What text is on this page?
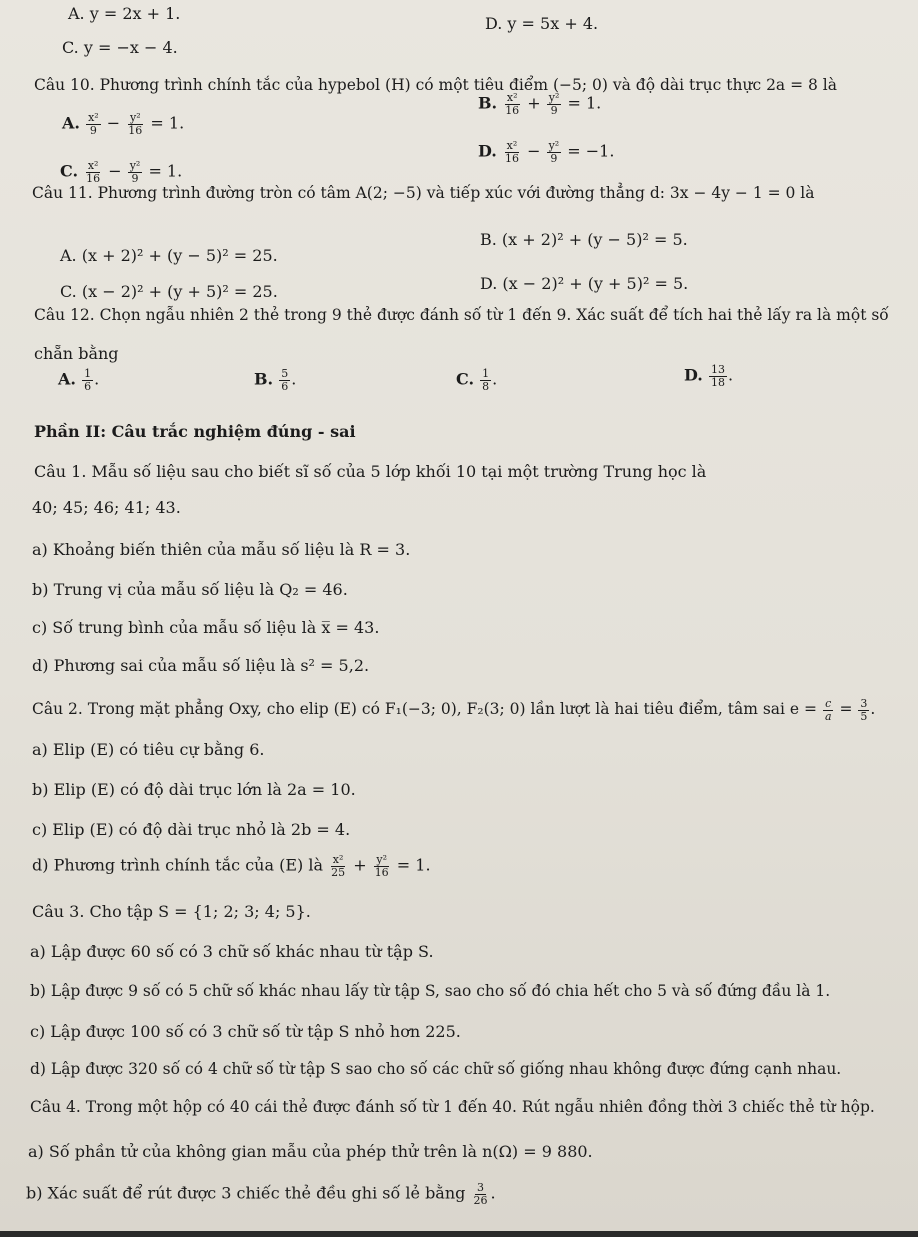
A. y = 2x + 1.
D. y = 5x + 4.
C. y = −x − 4.
Câu 10. Phương trình chính tắc của hypebol (H) có một tiêu điểm (−5; 0) và độ dài trục thực 2a = 8 là
A. $\frac{\text{x²}}{9} - \frac{\text{y²}}{16} = 1$.
B. $\frac{\text{x²}}{16} + \frac{\text{y²}}{9} = 1$.
C. $\frac{\text{x²}}{16} - \frac{\text{y²}}{9} = 1$.
D. $\frac{\text{x²}}{16} - \frac{\text{y²}}{9} = -1$.
Câu 11. Phương trình đường tròn có tâm A(2; −5) và tiếp xúc với đường thẳng d: 3x − 4y − 1 = 0 là
A. (x + 2)² + (y − 5)² = 25.
B. (x + 2)² + (y − 5)² = 5.
C. (x − 2)² + (y + 5)² = 25.	D. (x − 2)² + (y + 5)² = 5.
Câu 12. Chọn ngẫu nhiên 2 thẻ trong 9 thẻ được đánh số từ 1 đến 9. Xác suất để tích hai thẻ lấy ra là một số
chẵn bằng
A. $\frac{1}{6}$ .	B. $\frac{5}{6}$ .	C. $\frac{1}{8}$ .	D. $\frac{13}{18}$ .
Phần II: Câu trắc nghiệm đúng - sai
Câu 1. Mẫu số liệu sau cho biết sĩ số của 5 lớp khối 10 tại một trường Trung học là
40; 45; 46; 41; 43.
a) Khoảng biến thiên của mẫu số liệu là R = 3.
b) Trung vị của mẫu số liệu là Q₂ = 46.
c) Số trung bình của mẫu số liệu là x̅ = 43.
d) Phương sai của mẫu số liệu là s² = 5,2.
Câu 2. Trong mặt phẳng Oxy, cho elip (E) có F₁(−3; 0), F₂(3; 0) lần lượt là hai tiêu điểm, tâm sai $e = \frac{c}{a} = \frac{3}{5}$ .
a) Elip (E) có tiêu cự bằng 6.
b) Elip (E) có độ dài trục lớn là 2a = 10.
c) Elip (E) có độ dài trục nhỏ là 2b = 4.
d) Phương trình chính tắc của (E) là $\frac{\text{x²}}{25} + \frac{\text{y²}}{16} = 1$.
Câu 3. Cho tập S = {1; 2; 3; 4; 5}.
a) Lập được 60 số có 3 chữ số khác nhau từ tập S.
b) Lập được 9 số có 5 chữ số khác nhau lấy từ tập S, sao cho số đó chia hết cho 5 và số đứng đầu là 1.
c) Lập được 100 số có 3 chữ số từ tập S nhỏ hơn 225.
d) Lập được 320 số có 4 chữ số từ tập S sao cho số các chữ số giống nhau không được đứng cạnh nhau.
Câu 4. Trong một hộp có 40 cái thẻ được đánh số từ 1 đến 40. Rút ngẫu nhiên đồng thời 3 chiếc thẻ từ hộp.
a) Số phần tử của không gian mẫu của phép thử trên là n(Ω) = 9 880.
b) Xác suất để rút được 3 chiếc thẻ đều ghi số lẻ bằng $\frac{3}{26}$ .
